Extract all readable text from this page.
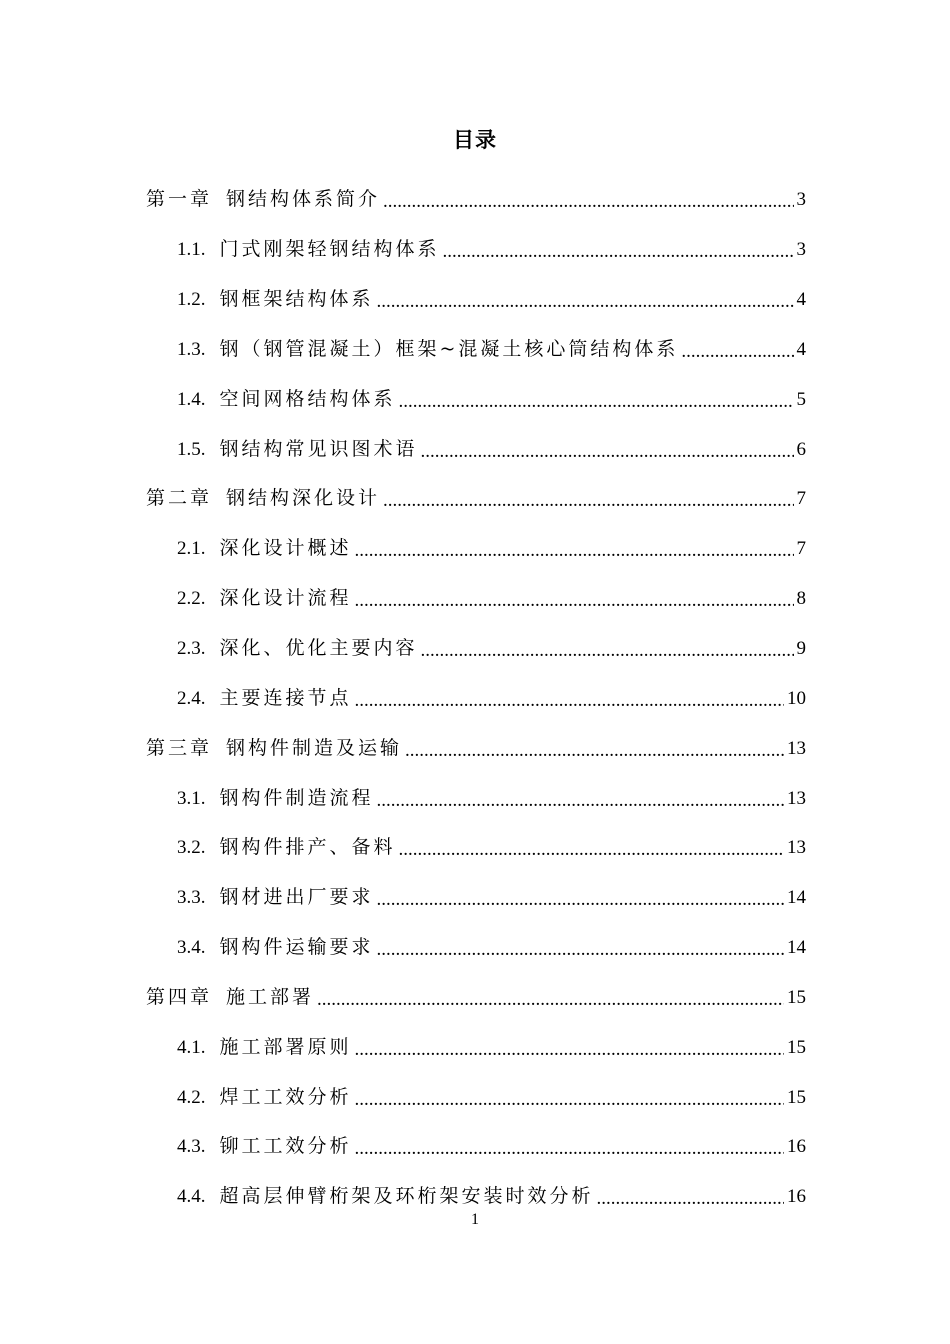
目录
第一章 钢结构体系简介 .....	3
1.1. 门式刚架轻钢结构体系 .....	3
1.2. 钢框架结构体系 .....	4
1.3. 钢（钢管混凝土）框架~混凝土核心筒结构体系 .....	4
1.4. 空间网格结构体系 .....	5
1.5. 钢结构常见识图术语 .....	6
第二章 钢结构深化设计 .....	7
2.1. 深化设计概述 .....	7
2.2. 深化设计流程 .....	8
2.3. 深化、优化主要内容 .....	9
2.4. 主要连接节点 .....	10
第三章 钢构件制造及运输 .....	13
3.1. 钢构件制造流程 .....	13
3.2. 钢构件排产、备料 .....	13
3.3. 钢材进出厂要求 .....	14
3.4. 钢构件运输要求 .....	14
第四章 施工部署 .....	15
4.1. 施工部署原则 .....	15
4.2. 焊工工效分析 .....	15
4.3. 铆工工效分析 .....	16
4.4. 超高层伸臂桁架及环桁架安装时效分析 .....	16
1
